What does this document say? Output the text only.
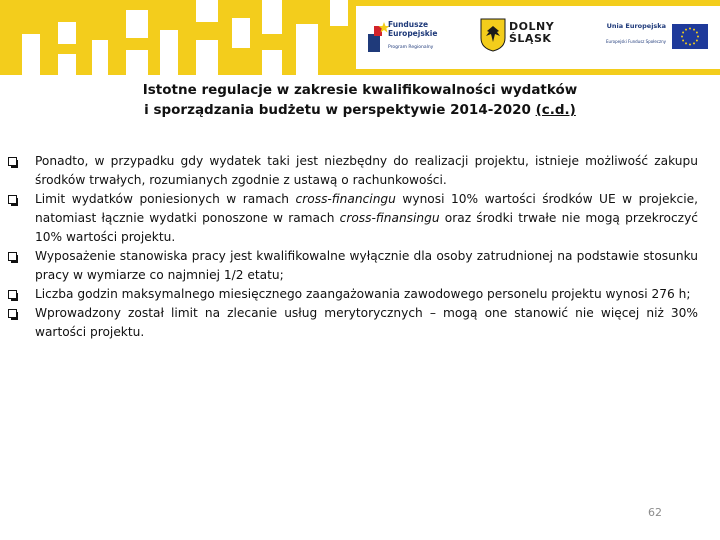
Fundusze
Europejskie
Program Regionalny
DOLNY
ŚLĄSK
Unia Europejska
Europejski Fundusz Społeczny
Istotne regulacje w zakresie kwalifikowalności wydatków
i sporządzania budżetu w perspektywie 2014-2020 (c.d.)
Ponadto, w przypadku gdy wydatek taki jest niezbędny do realizacji projektu, istnieje możliwość zakupu środków trwałych, rozumianych zgodnie z ustawą o rachunkowości.
Limit wydatków poniesionych w ramach cross-financingu wynosi 10% wartości środków UE w projekcie, natomiast łącznie wydatki ponoszone w ramach cross-finansingu oraz środki trwałe nie mogą przekroczyć 10% wartości projektu.
Wyposażenie stanowiska pracy jest kwalifikowalne wyłącznie dla osoby zatrudnionej na podstawie stosunku pracy w wymiarze co najmniej 1/2 etatu;
Liczba godzin maksymalnego miesięcznego zaangażowania zawodowego personelu projektu wynosi 276 h;
Wprowadzony został limit na zlecanie usług merytorycznych – mogą one stanowić nie więcej niż 30% wartości projektu.
62
